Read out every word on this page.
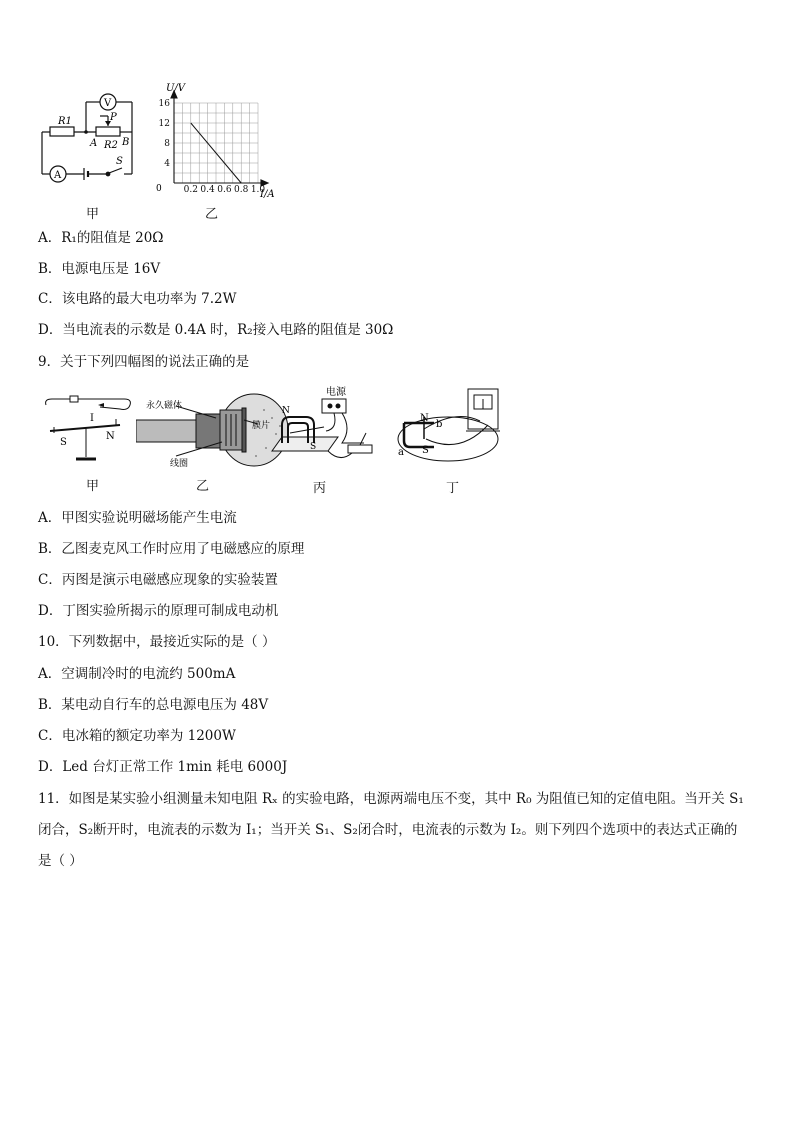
R1
R2
P
A B
S
A
V
甲
4
8
12
16
0.2 0.4 0.6 0.8 1.0
U/V
I/A
0
乙
A．R₁的阻值是 20Ω
B．电源电压是 16V
C．该电路的最大电功率为 7.2W
D．当电流表的示数是 0.4A 时，R₂接入电路的阻值是 30Ω
9．关于下列四幅图的说法正确的是
I
S
N
甲
永久磁体
膜片
线圈
乙
电源
N
S
丙
N
b
a S
丁
A．甲图实验说明磁场能产生电流
B．乙图麦克风工作时应用了电磁感应的原理
C．丙图是演示电磁感应现象的实验装置
D．丁图实验所揭示的原理可制成电动机
10．下列数据中，最接近实际的是（ ）
A．空调制冷时的电流约 500mA
B．某电动自行车的总电源电压为 48V
C．电冰箱的额定功率为 1200W
D．Led 台灯正常工作 1min 耗电 6000J
11．如图是某实验小组测量未知电阻 Rₓ 的实验电路，电源两端电压不变，其中 R₀ 为阻值已知的定值电阻。当开关 S₁
闭合，S₂断开时，电流表的示数为 I₁；当开关 S₁、S₂闭合时，电流表的示数为 I₂。则下列四个选项中的表达式正确的
是（ ）
